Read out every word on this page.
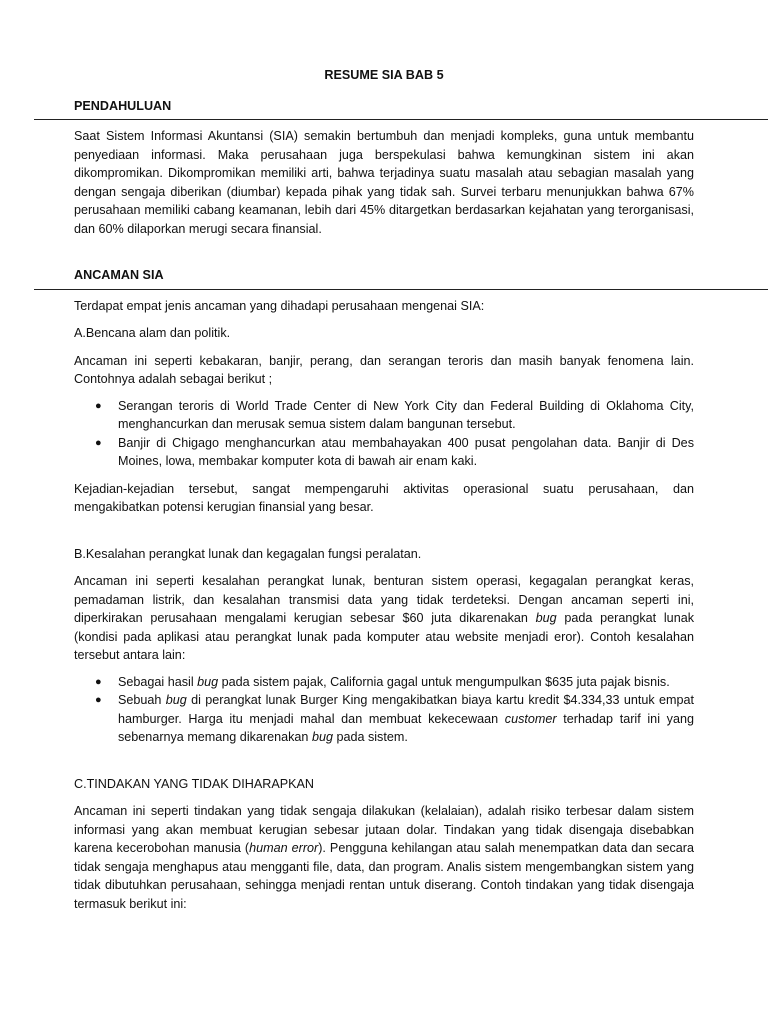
RESUME SIA BAB 5
PENDAHULUAN

Saat Sistem Informasi Akuntansi (SIA) semakin bertumbuh dan menjadi kompleks, guna untuk membantu penyediaan informasi. Maka perusahaan juga berspekulasi bahwa kemungkinan sistem ini akan dikompromikan. Dikompromikan memiliki arti, bahwa terjadinya suatu masalah atau sebagian masalah yang dengan sengaja diberikan (diumbar) kepada pihak yang tidak sah. Survei terbaru menunjukkan bahwa 67% perusahaan memiliki cabang keamanan, lebih dari 45% ditargetkan berdasarkan kejahatan yang terorganisasi, dan 60% dilaporkan merugi secara finansial.

ANCAMAN SIA

Terdapat empat jenis ancaman yang dihadapi perusahaan mengenai SIA:

A.Bencana alam dan politik.

Ancaman ini seperti kebakaran, banjir, perang, dan serangan teroris dan masih banyak fenomena lain. Contohnya adalah sebagai berikut ;

● Serangan teroris di World Trade Center di New York City dan Federal Building di Oklahoma City, menghancurkan dan merusak semua sistem dalam bangunan tersebut.
● Banjir di Chigago menghancurkan atau membahayakan 400 pusat pengolahan data. Banjir di Des Moines, lowa, membakar komputer kota di bawah air enam kaki.

Kejadian-kejadian tersebut, sangat mempengaruhi aktivitas operasional suatu perusahaan, dan mengakibatkan potensi kerugian finansial yang besar.

B.Kesalahan perangkat lunak dan kegagalan fungsi peralatan.

Ancaman ini seperti kesalahan perangkat lunak, benturan sistem operasi, kegagalan perangkat keras, pemadaman listrik, dan kesalahan transmisi data yang tidak terdeteksi. Dengan ancaman seperti ini, diperkirakan perusahaan mengalami kerugian sebesar $60 juta dikarenakan bug pada perangkat lunak (kondisi pada aplikasi atau perangkat lunak pada komputer atau website menjadi eror). Contoh kesalahan tersebut antara lain:

● Sebagai hasil bug pada sistem pajak, California gagal untuk mengumpulkan $635 juta pajak bisnis.
● Sebuah bug di perangkat lunak Burger King mengakibatkan biaya kartu kredit $4.334,33 untuk empat hamburger. Harga itu menjadi mahal dan membuat kekecewaan customer terhadap tarif ini yang sebenarnya memang dikarenakan bug pada sistem.

C.TINDAKAN YANG TIDAK DIHARAPKAN

Ancaman ini seperti tindakan yang tidak sengaja dilakukan (kelalaian), adalah risiko terbesar dalam sistem informasi yang akan membuat kerugian sebesar jutaan dolar. Tindakan yang tidak disengaja disebabkan karena kecerobohan manusia (human error). Pengguna kehilangan atau salah menempatkan data dan secara tidak sengaja menghapus atau mengganti file, data, dan program. Analis sistem mengembangkan sistem yang tidak dibutuhkan perusahaan, sehingga menjadi rentan untuk diserang. Contoh tindakan yang tidak disengaja termasuk berikut ini:
